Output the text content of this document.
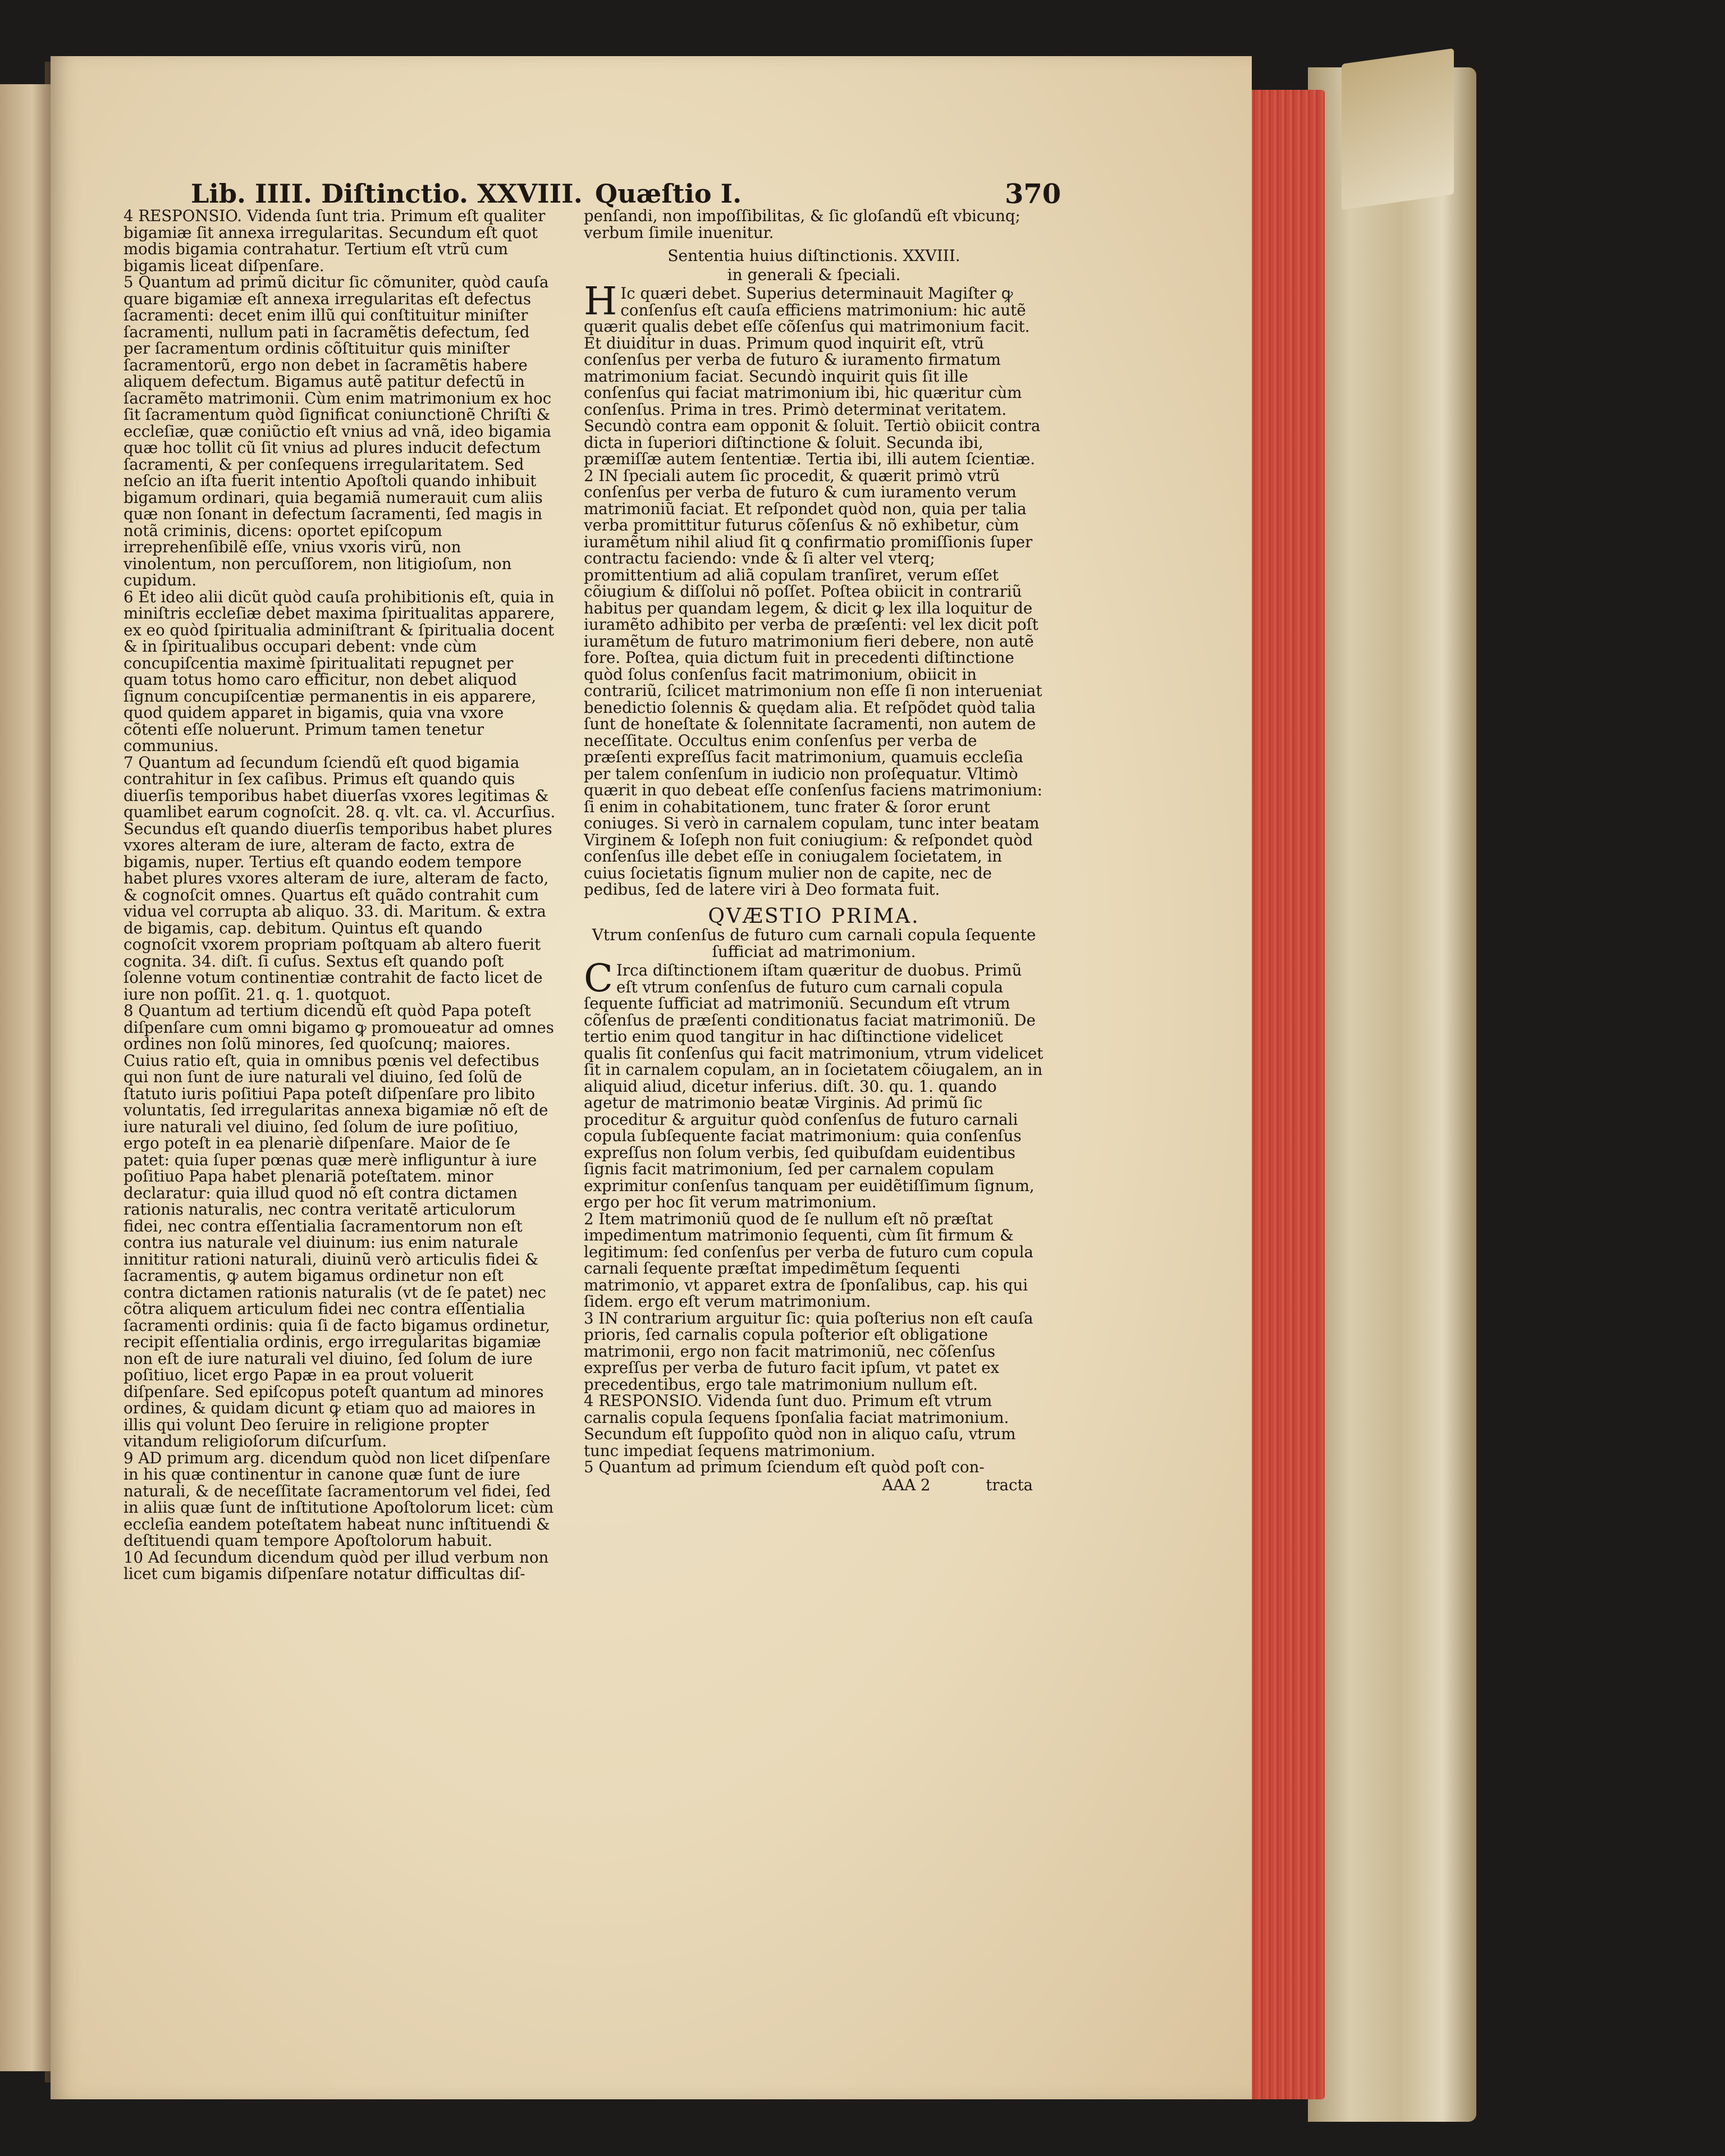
Lib. IIII. Diſtinctio. XXVIII. Quæſtio I.	370

4 RESPONSIO. Videnda ſunt tria. Primum eſt qualiter bigamiæ ſit annexa irregularitas. Secundum eſt quot modis bigamia contrahatur. Tertium eſt vtrũ cum bigamis liceat diſpenſare.

5 Quantum ad primũ dicitur ſic cõmuniter, quòd cauſa quare bigamiæ eſt annexa irregularitas eſt defectus ſacramenti: decet enim illũ qui conſtituitur miniſter ſacramenti, nullum pati in ſacramẽtis defectum, ſed per ſacramentum ordinis cõſtituitur quis miniſter ſacramentorũ, ergo non debet in ſacramẽtis habere aliquem defectum. Bigamus autẽ patitur defectũ in ſacramẽto matrimonii. Cùm enim matrimonium ex hoc ſit ſacramentum quòd ſignificat coniunctionẽ Chriſti & eccleſiæ, quæ coniũctio eſt vnius ad vnã, ideo bigamia quæ hoc tollit cũ ſit vnius ad plures inducit defectum ſacramenti, & per conſequens irregularitatem. Sed neſcio an iſta fuerit intentio Apoſtoli quando inhibuit bigamum ordinari, quia begamiã numerauit cum aliis quæ non ſonant in defectum ſacramenti, ſed magis in notã criminis, dicens: oportet epiſcopum irreprehenſibilẽ eſſe, vnius vxoris virũ, non vinolentum, non percuſſorem, non litigioſum, non cupidum.

6 Et ideo alii dicũt quòd cauſa prohibitionis eſt, quia in miniſtris eccleſiæ debet maxima ſpiritualitas apparere, ex eo quòd ſpiritualia adminiſtrant & ſpiritualia docent & in ſpiritualibus occupari debent: vnde cùm concupiſcentia maximè ſpiritualitati repugnet per quam totus homo caro efficitur, non debet aliquod ſignum concupiſcentiæ permanentis in eis apparere, quod quidem apparet in bigamis, quia vna vxore cõtenti eſſe noluerunt. Primum tamen tenetur communius.

7 Quantum ad ſecundum ſciendũ eſt quod bigamia contrahitur in ſex caſibus. Primus eſt quando quis diuerſis temporibus habet diuerſas vxores legitimas & quamlibet earum cognoſcit. 28. q. vlt. ca. vl. Accurſius. Secundus eſt quando diuerſis temporibus habet plures vxores alteram de iure, alteram de facto, extra de bigamis, nuper. Tertius eſt quando eodem tempore habet plures vxores alteram de iure, alteram de facto, & cognoſcit omnes. Quartus eſt quãdo contrahit cum vidua vel corrupta ab aliquo. 33. di. Maritum. & extra de bigamis, cap. debitum. Quintus eſt quando cognoſcit vxorem propriam poſtquam ab altero fuerit cognita. 34. diſt. ſi cuſus. Sextus eſt quando poſt ſolenne votum continentiæ contrahit de facto licet de iure non poſſit. 21. q. 1. quotquot.

8 Quantum ad tertium dicendũ eſt quòd Papa poteſt diſpenſare cum omni bigamo ꝙ promoueatur ad omnes ordines non ſolũ minores, ſed quoſcunq; maiores. Cuius ratio eſt, quia in omnibus pœnis vel defectibus qui non ſunt de iure naturali vel diuino, ſed ſolũ de ſtatuto iuris poſitiui Papa poteſt diſpenſare pro libito voluntatis, ſed irregularitas annexa bigamiæ nõ eſt de iure naturali vel diuino, ſed ſolum de iure poſitiuo, ergo poteſt in ea plenariè diſpenſare. Maior de ſe patet: quia ſuper pœnas quæ merè infliguntur à iure poſitiuo Papa habet plenariã poteſtatem. minor declaratur: quia illud quod nõ eſt contra dictamen rationis naturalis, nec contra veritatẽ articulorum fidei, nec contra eſſentialia ſacramentorum non eſt contra ius naturale vel diuinum: ius enim naturale innititur rationi naturali, diuinũ verò articulis fidei & ſacramentis, ꝙ autem bigamus ordinetur non eſt contra dictamen rationis naturalis (vt de ſe patet) nec cõtra aliquem articulum fidei nec contra eſſentialia ſacramenti ordinis: quia ſi de facto bigamus ordinetur, recipit eſſentialia ordinis, ergo irregularitas bigamiæ non eſt de iure naturali vel diuino, ſed ſolum de iure poſitiuo, licet ergo Papæ in ea prout voluerit diſpenſare. Sed epiſcopus poteſt quantum ad minores ordines, & quidam dicunt ꝙ etiam quo ad maiores in illis qui volunt Deo ſeruire in religione propter vitandum religioſorum diſcurſum.

9 AD primum arg. dicendum quòd non licet diſpenſare in his quæ continentur in canone quæ ſunt de iure naturali, & de neceſſitate ſacramentorum vel fidei, ſed in aliis quæ ſunt de inſtitutione Apoſtolorum licet: cùm eccleſia eandem poteſtatem habeat nunc inſtituendi & deſtituendi quam tempore Apoſtolorum habuit.

10 Ad ſecundum dicendum quòd per illud verbum non licet cum bigamis diſpenſare notatur difficultas diſ-

penſandi, non impoſſibilitas, & ſic gloſandũ eſt vbicunq; verbum ſimile inuenitur.

Sententia huius diſtinctionis. XXVIII.
in generali & ſpeciali.

HIc quæri debet. Superius determinauit Magiſter ꝙ conſenſus eſt cauſa efficiens matrimonium: hic autẽ quærit qualis debet eſſe cõſenſus qui matrimonium facit. Et diuiditur in duas. Primum quod inquirit eſt, vtrũ conſenſus per verba de futuro & iuramento firmatum matrimonium faciat. Secundò inquirit quis ſit ille conſenſus qui faciat matrimonium ibi, hic quæritur cùm conſenſus. Prima in tres. Primò determinat veritatem. Secundò contra eam opponit & ſoluit. Tertiò obiicit contra dicta in ſuperiori diſtinctione & ſoluit. Secunda ibi, præmiſſæ autem ſententiæ. Tertia ibi, illi autem ſcientiæ.

2 IN ſpeciali autem ſic procedit, & quærit primò vtrũ conſenſus per verba de futuro & cum iuramento verum matrimoniũ faciat. Et reſpondet quòd non, quia per talia verba promittitur futurus cõſenſus & nõ exhibetur, cùm iuramẽtum nihil aliud ſit ꝗ confirmatio promiſſionis ſuper contractu faciendo: vnde & ſi alter vel vterq; promittentium ad aliã copulam tranſiret, verum eſſet cõiugium & diſſolui nõ poſſet. Poſtea obiicit in contrariũ habitus per quandam legem, & dicit ꝙ lex illa loquitur de iuramẽto adhibito per verba de præſenti: vel lex dicit poſt iuramẽtum de futuro matrimonium fieri debere, non autẽ fore. Poſtea, quia dictum fuit in precedenti diſtinctione quòd ſolus conſenſus facit matrimonium, obiicit in contrariũ, ſcilicet matrimonium non eſſe ſi non interueniat benedictio ſolennis & quędam alia. Et reſpõdet quòd talia ſunt de honeſtate & ſolennitate ſacramenti, non autem de neceſſitate. Occultus enim conſenſus per verba de præſenti expreſſus facit matrimonium, quamuis eccleſia per talem conſenſum in iudicio non proſequatur. Vltimò quærit in quo debeat eſſe conſenſus faciens matrimonium: ſi enim in cohabitationem, tunc frater & ſoror erunt coniuges. Si verò in carnalem copulam, tunc inter beatam Virginem & Ioſeph non fuit coniugium: & reſpondet quòd conſenſus ille debet eſſe in coniugalem ſocietatem, in cuius ſocietatis ſignum mulier non de capite, nec de pedibus, ſed de latere viri à Deo formata fuit.

QVÆSTIO PRIMA.
Vtrum conſenſus de futuro cum carnali copula ſequente ſufficiat ad matrimonium.

CIrca diſtinctionem iſtam quæritur de duobus. Primũ eſt vtrum conſenſus de futuro cum carnali copula ſequente ſufficiat ad matrimoniũ. Secundum eſt vtrum cõſenſus de præſenti conditionatus faciat matrimoniũ. De tertio enim quod tangitur in hac diſtinctione videlicet qualis ſit conſenſus qui facit matrimonium, vtrum videlicet ſit in carnalem copulam, an in ſocietatem cõiugalem, an in aliquid aliud, dicetur inferius. diſt. 30. qu. 1. quando agetur de matrimonio beatæ Virginis. Ad primũ ſic proceditur & arguitur quòd conſenſus de futuro carnali copula ſubſequente faciat matrimonium: quia conſenſus expreſſus non ſolum verbis, ſed quibuſdam euidentibus ſignis facit matrimonium, ſed per carnalem copulam exprimitur conſenſus tanquam per euidẽtiſſimum ſignum, ergo per hoc ſit verum matrimonium.

2 Item matrimoniũ quod de ſe nullum eſt nõ præſtat impedimentum matrimonio ſequenti, cùm ſit firmum & legitimum: ſed conſenſus per verba de futuro cum copula carnali ſequente præſtat impedimẽtum ſequenti matrimonio, vt apparet extra de ſponſalibus, cap. his qui ſidem. ergo eſt verum matrimonium.

3 IN contrarium arguitur ſic: quia poſterius non eſt cauſa prioris, ſed carnalis copula poſterior eſt obligatione matrimonii, ergo non facit matrimoniũ, nec cõſenſus expreſſus per verba de futuro facit ipſum, vt patet ex precedentibus, ergo tale matrimonium nullum eſt.

4 RESPONSIO. Videnda ſunt duo. Primum eſt vtrum carnalis copula ſequens ſponſalia faciat matrimonium. Secundum eſt ſuppoſito quòd non in aliquo caſu, vtrum tunc impediat ſequens matrimonium.

5 Quantum ad primum ſciendum eſt quòd poſt con-

AAA 2	tracta
